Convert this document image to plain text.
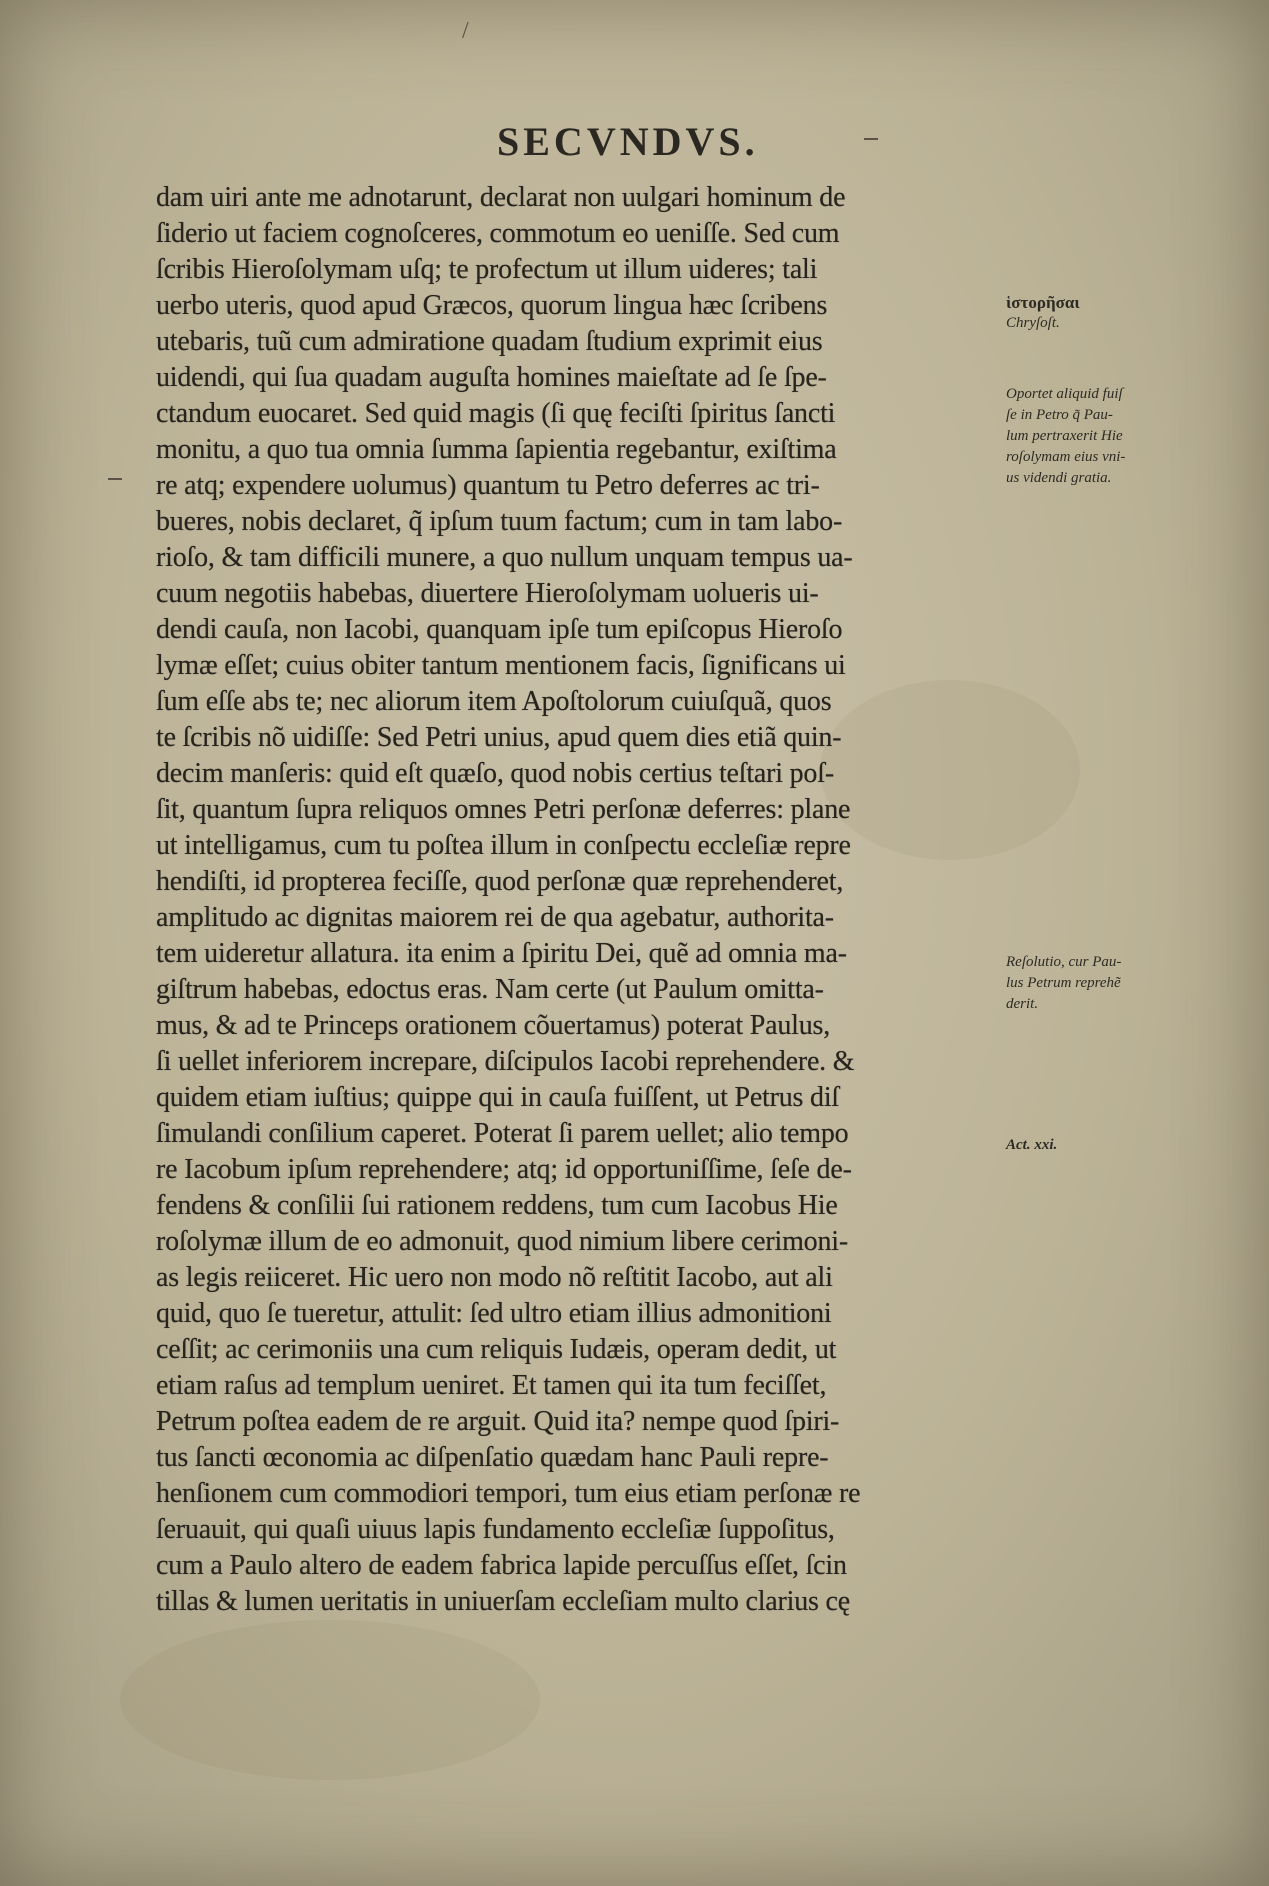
/
SECVNDVS.
dam uiri ante me adnotarunt, declarat non uulgari hominum de
ſiderio ut faciem cognoſceres, commotum eo ueniſſe. Sed cum
ſcribis Hieroſolymam uſq; te profectum ut illum uideres; tali
uerbo uteris, quod apud Græcos, quorum lingua hæc ſcribens
utebaris, tuũ cum admiratione quadam ſtudium exprimit eius
uidendi, qui ſua quadam auguſta homines maieſtate ad ſe ſpe-
ctandum euocaret. Sed quid magis (ſi quę feciſti ſpiritus ſancti
monitu, a quo tua omnia ſumma ſapientia regebantur, exiſtima
re atq; expendere uolumus) quantum tu Petro deferres ac tri-
bueres, nobis declaret, q̃ ipſum tuum factum; cum in tam labo-
rioſo, & tam difficili munere, a quo nullum unquam tempus ua-
cuum negotiis habebas, diuertere Hieroſolymam uolueris ui-
dendi cauſa, non Iacobi, quanquam ipſe tum epiſcopus Hieroſo
lymæ eſſet; cuius obiter tantum mentionem facis, ſignificans ui
ſum eſſe abs te; nec aliorum item Apoſtolorum cuiuſquã, quos
te ſcribis nõ uidiſſe: Sed Petri unius, apud quem dies etiã quin-
decim manſeris: quid eſt quæſo, quod nobis certius teſtari poſ-
ſit, quantum ſupra reliquos omnes Petri perſonæ deferres: plane
ut intelligamus, cum tu poſtea illum in conſpectu eccleſiæ repre
hendiſti, id propterea feciſſe, quod perſonæ quæ reprehenderet,
amplitudo ac dignitas maiorem rei de qua agebatur, authorita-
tem uideretur allatura. ita enim a ſpiritu Dei, quẽ ad omnia ma-
giſtrum habebas, edoctus eras. Nam certe (ut Paulum omitta-
mus, & ad te Princeps orationem cõuertamus) poterat Paulus,
ſi uellet inferiorem increpare, diſcipulos Iacobi reprehendere. &
quidem etiam iuſtius; quippe qui in cauſa fuiſſent, ut Petrus diſ
ſimulandi conſilium caperet. Poterat ſi parem uellet; alio tempo
re Iacobum ipſum reprehendere; atq; id opportuniſſime, ſeſe de-
fendens & conſilii ſui rationem reddens, tum cum Iacobus Hie
roſolymæ illum de eo admonuit, quod nimium libere cerimoni-
as legis reiiceret. Hic uero non modo nõ reſtitit Iacobo, aut ali
quid, quo ſe tueretur, attulit: ſed ultro etiam illius admonitioni
ceſſit; ac cerimoniis una cum reliquis Iudæis, operam dedit, ut
etiam raſus ad templum ueniret. Et tamen qui ita tum feciſſet,
Petrum poſtea eadem de re arguit. Quid ita? nempe quod ſpiri-
tus ſancti œconomia ac diſpenſatio quædam hanc Pauli repre-
henſionem cum commodiori tempori, tum eius etiam perſonæ re
ſeruauit, qui quaſi uiuus lapis fundamento eccleſiæ ſuppoſitus,
cum a Paulo altero de eadem fabrica lapide percuſſus eſſet, ſcin
tillas & lumen ueritatis in uniuerſam eccleſiam multo clarius cę
ἱστορῆσαι
Chryſoſt.
Oportet aliquid fuiſ
ſe in Petro q̃ Pau-
lum pertraxerit Hie
roſolymam eius vni-
us videndi gratia.
Reſolutio, cur Pau-
lus Petrum reprehẽ
derit.
Act. xxi.
